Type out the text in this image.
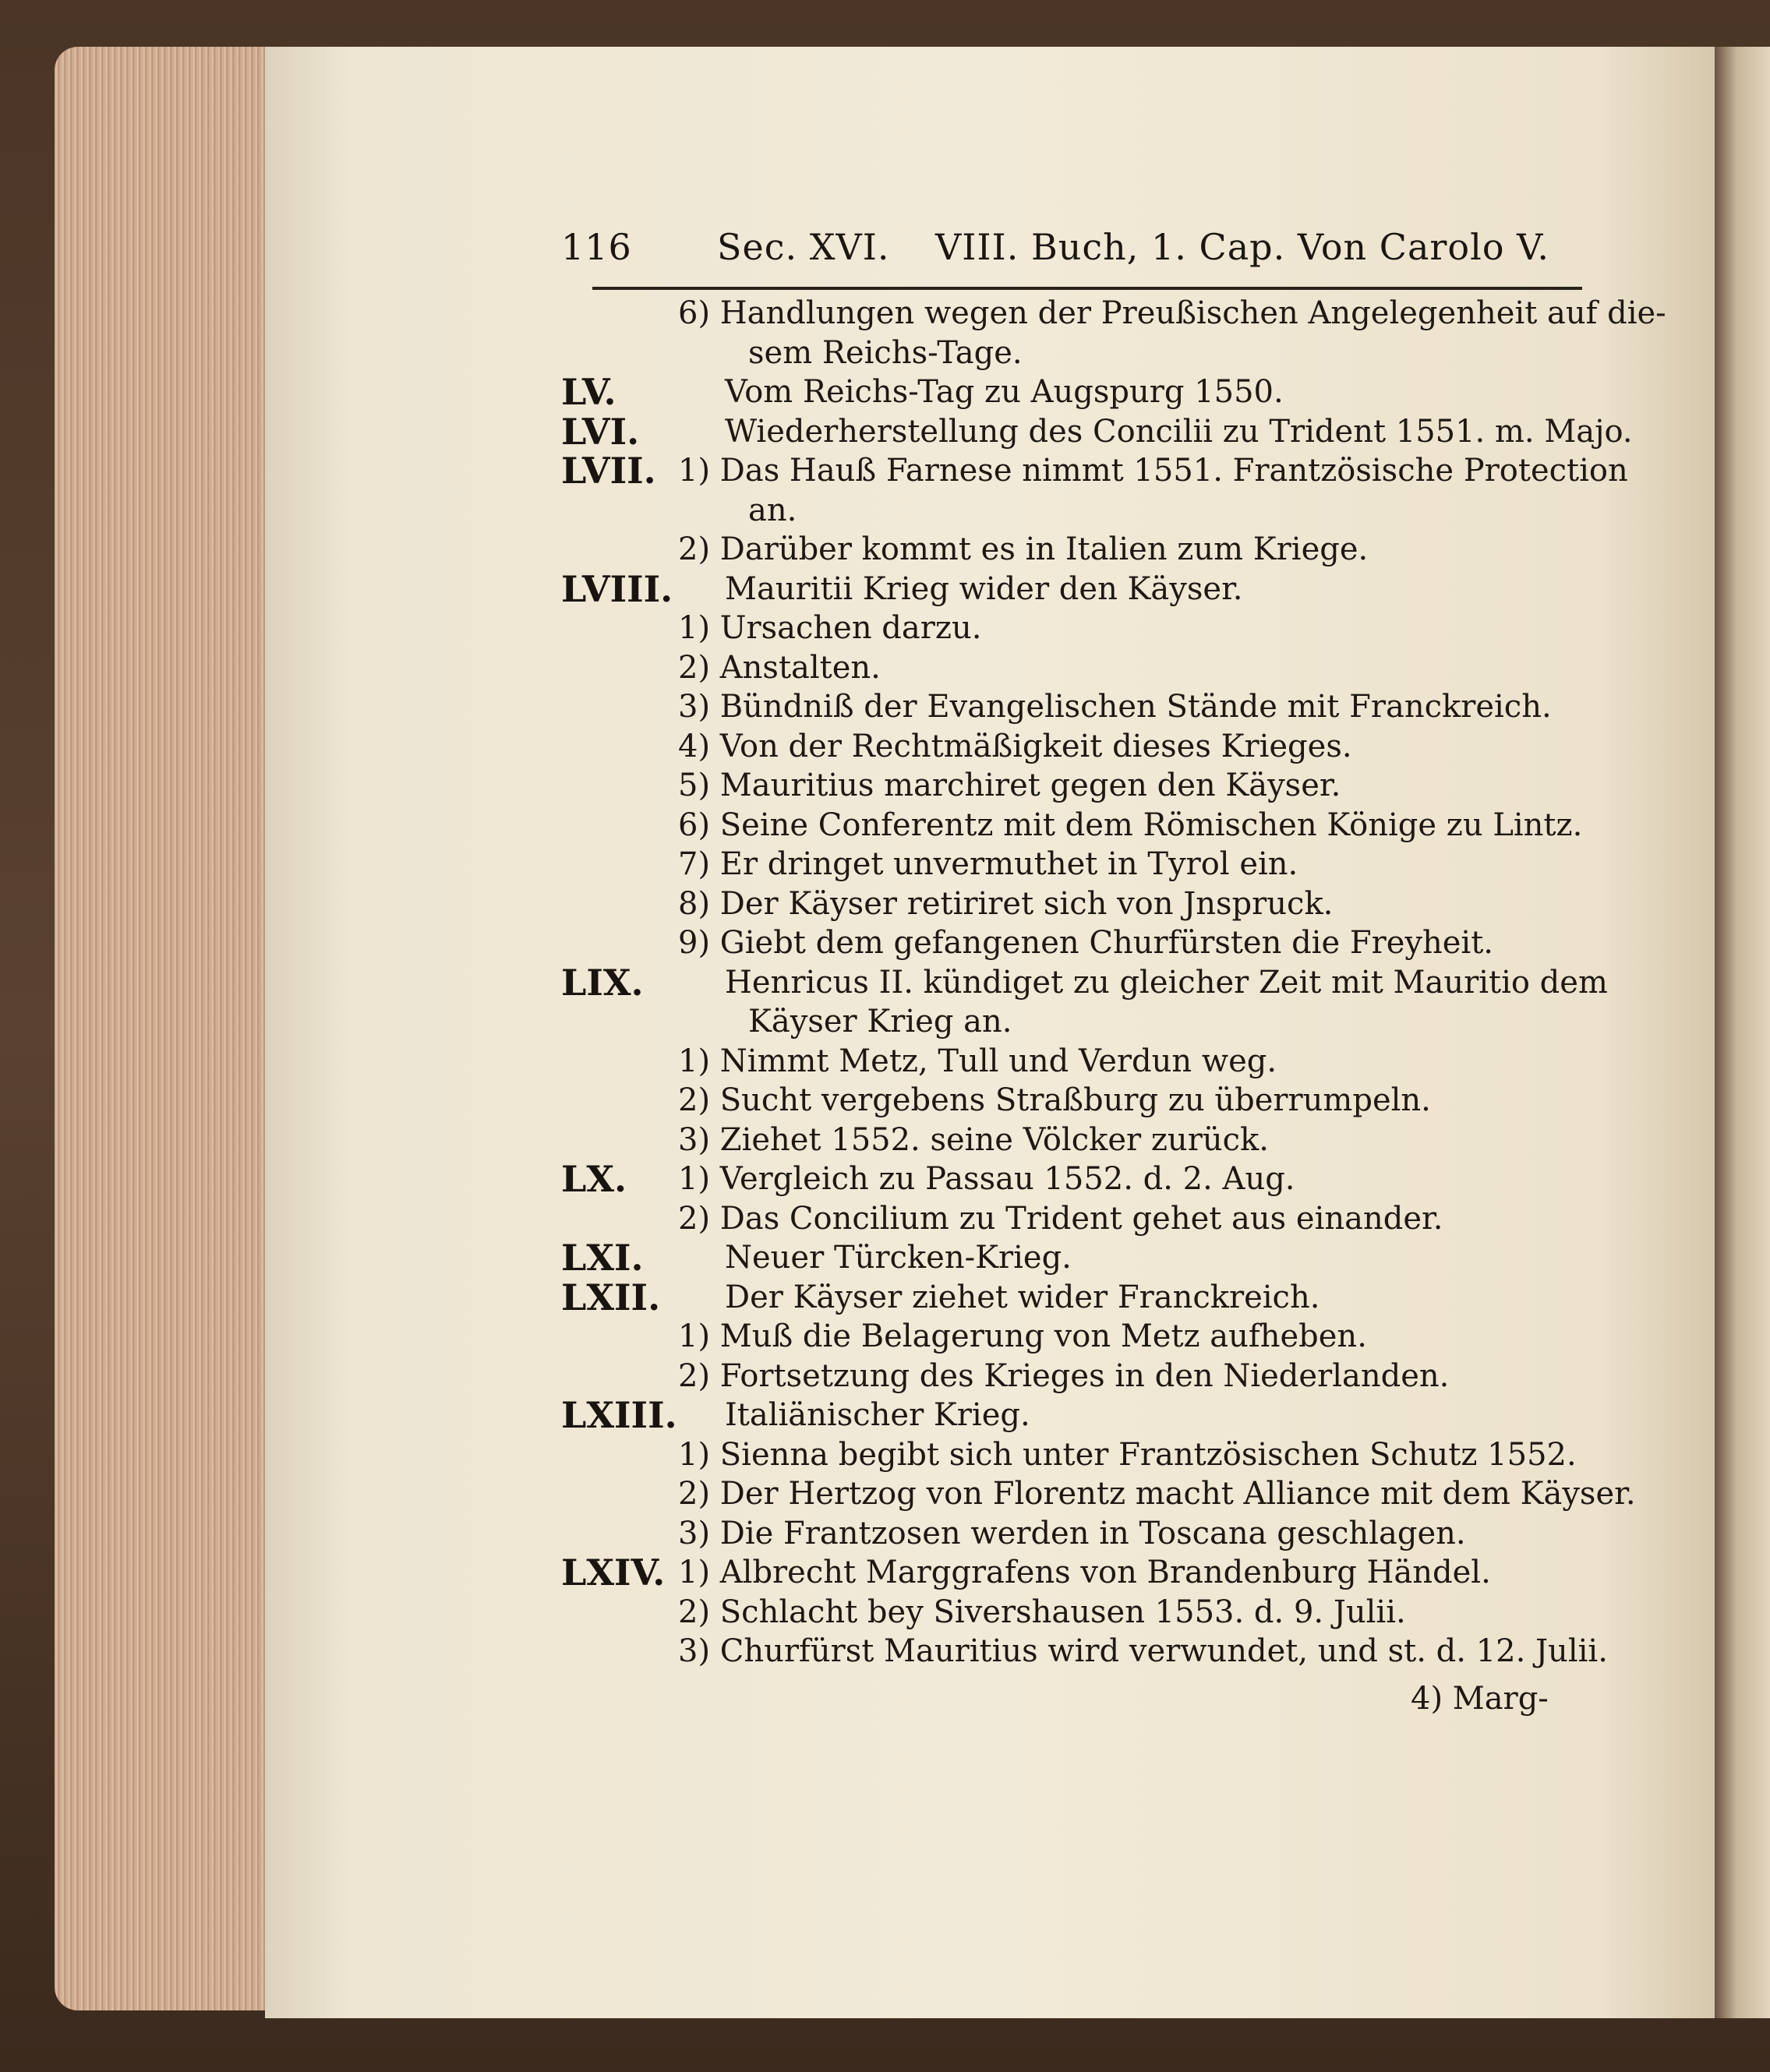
116 Sec. XVI. VIII. Buch, 1. Cap. Von Carolo V.
6) Handlungen wegen der Preußischen Angelegenheit auf die-
sem Reichs-Tage.
LV.	Vom Reichs-Tag zu Augspurg 1550.
LVI.	Wiederherstellung des Concilii zu Trident 1551. m. Majo.
LVII. 1) Das Hauß Farnese nimmt 1551. Frantzösische Protection
an.
2) Darüber kommt es in Italien zum Kriege.
LVIII. Mauritii Krieg wider den Käyser.
1) Ursachen darzu.
2) Anstalten.
3) Bündniß der Evangelischen Stände mit Franckreich.
4) Von der Rechtmäßigkeit dieses Krieges.
5) Mauritius marchiret gegen den Käyser.
6) Seine Conferentz mit dem Römischen Könige zu Lintz.
7) Er dringet unvermuthet in Tyrol ein.
8) Der Käyser retiriret sich von Jnspruck.
9) Giebt dem gefangenen Churfürsten die Freyheit.
LIX.	Henricus II. kündiget zu gleicher Zeit mit Mauritio dem
Käyser Krieg an.
1) Nimmt Metz, Tull und Verdun weg.
2) Sucht vergebens Straßburg zu überrumpeln.
3) Ziehet 1552. seine Völcker zurück.
LX. 1) Vergleich zu Passau 1552. d. 2. Aug.
2) Das Concilium zu Trident gehet aus einander.
LXI.	Neuer Türcken-Krieg.
LXII. Der Käyser ziehet wider Franckreich.
1) Muß die Belagerung von Metz aufheben.
2) Fortsetzung des Krieges in den Niederlanden.
LXIII. Italiänischer Krieg.
1) Sienna begibt sich unter Frantzösischen Schutz 1552.
2) Der Hertzog von Florentz macht Alliance mit dem Käyser.
3) Die Frantzosen werden in Toscana geschlagen.
LXIV. 1) Albrecht Marggrafens von Brandenburg Händel.
2) Schlacht bey Sivershausen 1553. d. 9. Julii.
3) Churfürst Mauritius wird verwundet, und st. d. 12. Julii.
4) Marg-
